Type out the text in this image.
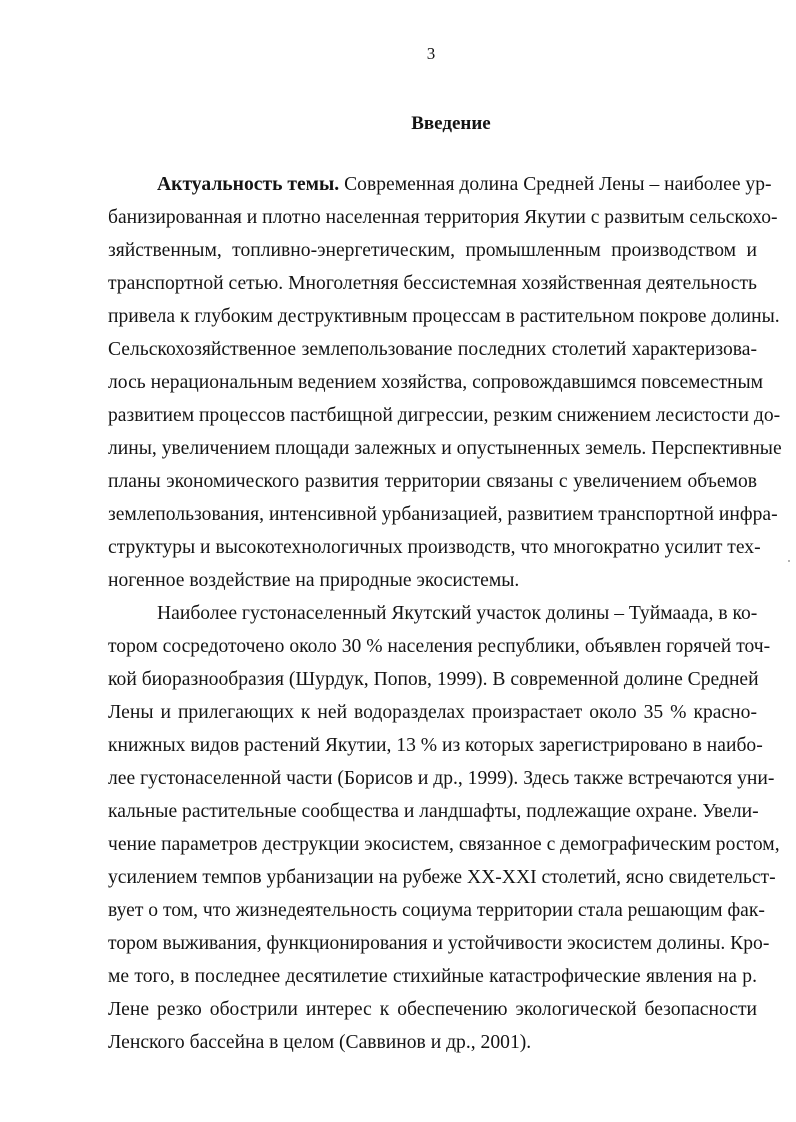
3
Введение
Актуальность темы. Современная долина Средней Лены – наиболее ур-
банизированная и плотно населенная территория Якутии с развитым сельскохо-
зяйственным, топливно-энергетическим, промышленным производством и
транспортной сетью. Многолетняя бессистемная хозяйственная деятельность
привела к глубоким деструктивным процессам в растительном покрове долины.
Сельскохозяйственное землепользование последних столетий характеризова-
лось нерациональным ведением хозяйства, сопровождавшимся повсеместным
развитием процессов пастбищной дигрессии, резким снижением лесистости до-
лины, увеличением площади залежных и опустыненных земель. Перспективные
планы экономического развития территории связаны с увеличением объемов
землепользования, интенсивной урбанизацией, развитием транспортной инфра-
структуры и высокотехнологичных производств, что многократно усилит тех-
ногенное воздействие на природные экосистемы.
Наиболее густонаселенный Якутский участок долины – Туймаада, в ко-
тором сосредоточено около 30 % населения республики, объявлен горячей точ-
кой биоразнообразия (Шурдук, Попов, 1999). В современной долине Средней
Лены и прилегающих к ней водоразделах произрастает около 35 % красно-
книжных видов растений Якутии, 13 % из которых зарегистрировано в наибо-
лее густонаселенной части (Борисов и др., 1999). Здесь также встречаются уни-
кальные растительные сообщества и ландшафты, подлежащие охране. Увели-
чение параметров деструкции экосистем, связанное с демографическим ростом,
усилением темпов урбанизации на рубеже XX-XXI столетий, ясно свидетельст-
вует о том, что жизнедеятельность социума территории стала решающим фак-
тором выживания, функционирования и устойчивости экосистем долины. Кро-
ме того, в последнее десятилетие стихийные катастрофические явления на р.
Лене резко обострили интерес к обеспечению экологической безопасности
Ленского бассейна в целом (Саввинов и др., 2001).
